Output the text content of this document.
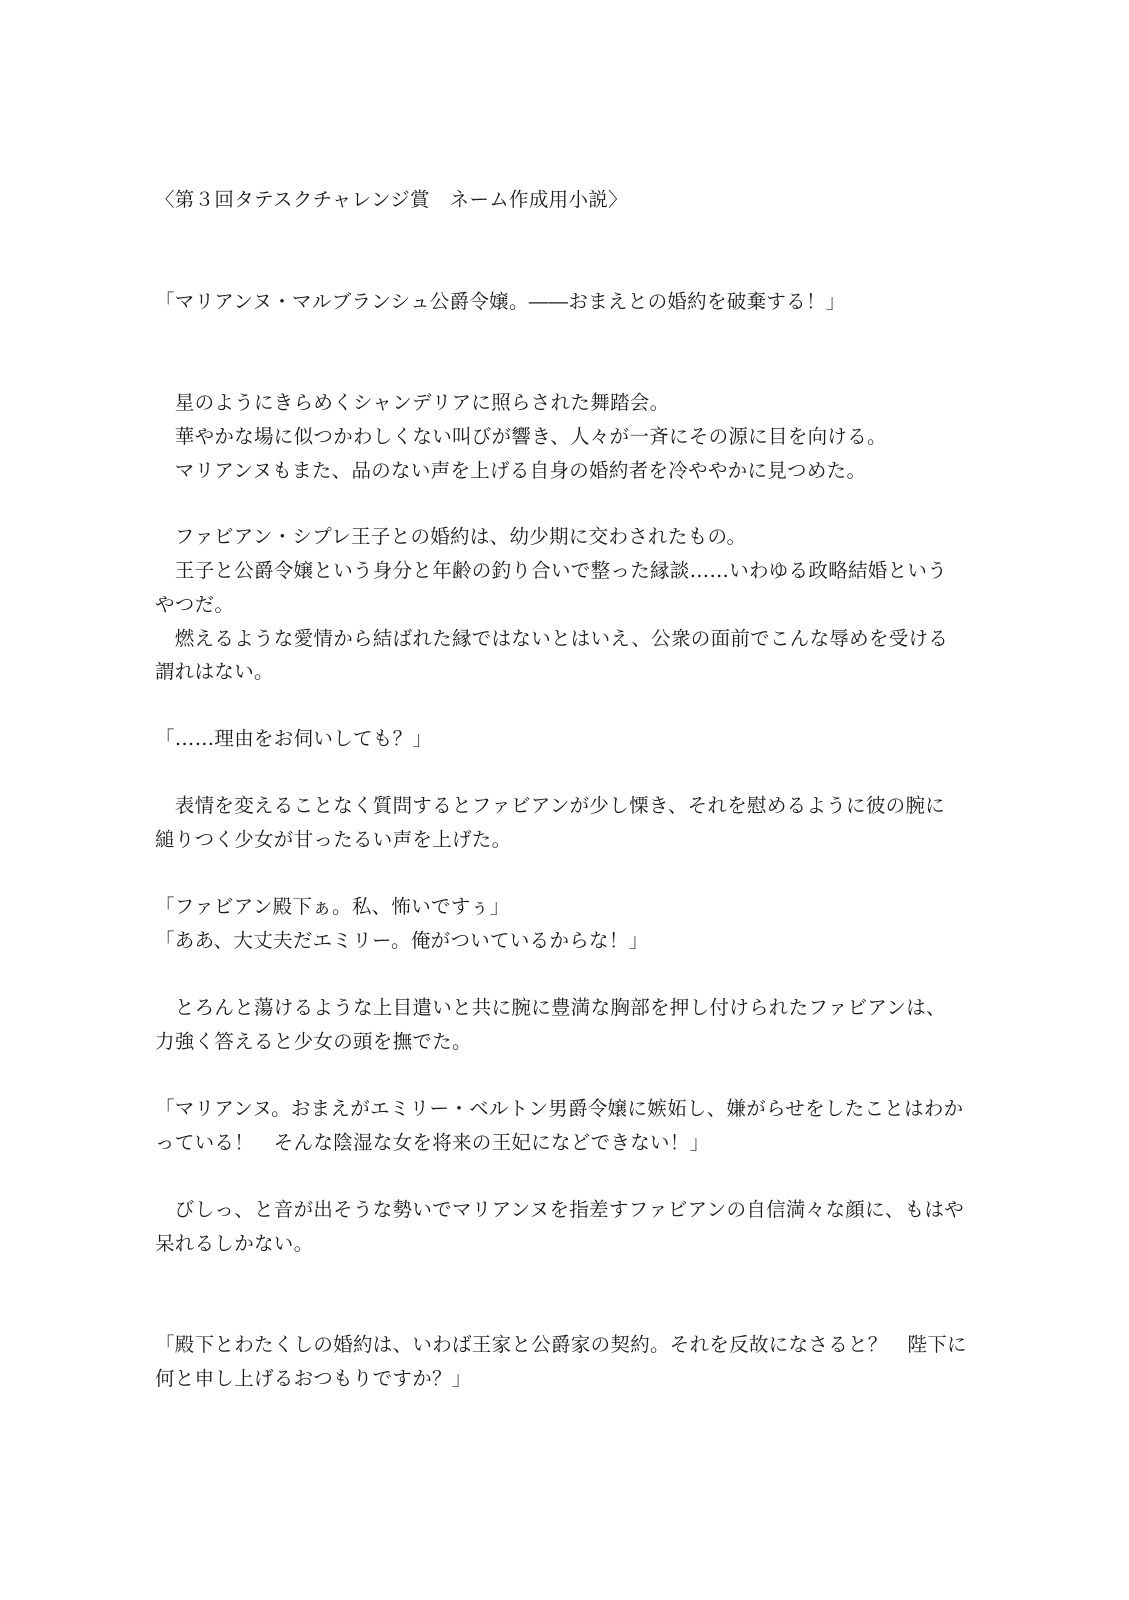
〈第３回タテスクチャレンジ賞　ネーム作成用小説〉
「マリアンヌ・マルブランシュ公爵令嬢。――おまえとの婚約を破棄する！」
　星のようにきらめくシャンデリアに照らされた舞踏会。
　華やかな場に似つかわしくない叫びが響き、人々が一斉にその源に目を向ける。
　マリアンヌもまた、品のない声を上げる自身の婚約者を冷ややかに見つめた。
　ファビアン・シプレ王子との婚約は、幼少期に交わされたもの。
　王子と公爵令嬢という身分と年齢の釣り合いで整った縁談……いわゆる政略結婚という
やつだ。
　燃えるような愛情から結ばれた縁ではないとはいえ、公衆の面前でこんな辱めを受ける
謂れはない。
「……理由をお伺いしても？」
　表情を変えることなく質問するとファビアンが少し慄き、それを慰めるように彼の腕に
縋りつく少女が甘ったるい声を上げた。
「ファビアン殿下ぁ。私、怖いですぅ」
「ああ、大丈夫だエミリー。俺がついているからな！」
　とろんと蕩けるような上目遣いと共に腕に豊満な胸部を押し付けられたファビアンは、
力強く答えると少女の頭を撫でた。
「マリアンヌ。おまえがエミリー・ベルトン男爵令嬢に嫉妬し、嫌がらせをしたことはわか
っている！　そんな陰湿な女を将来の王妃になどできない！」
　びしっ、と音が出そうな勢いでマリアンヌを指差すファビアンの自信満々な顔に、もはや
呆れるしかない。
「殿下とわたくしの婚約は、いわば王家と公爵家の契約。それを反故になさると？　陛下に
何と申し上げるおつもりですか？」
